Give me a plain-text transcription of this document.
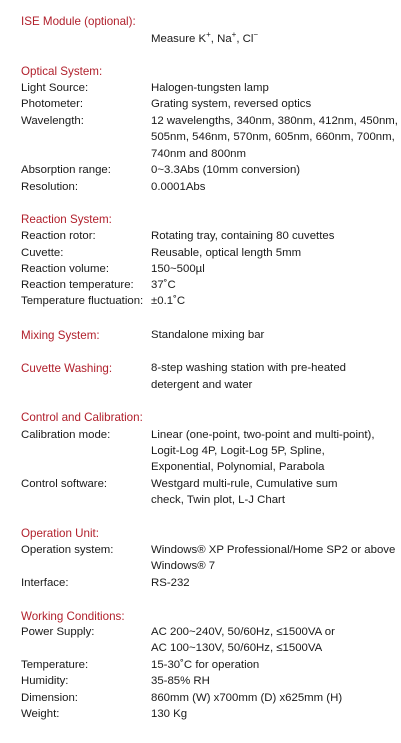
ISE Module (optional):
Measure K+, Na+, Cl−
Optical System:
Light Source:	Halogen-tungsten lamp
Photometer:	Grating system, reversed optics
Wavelength:	12 wavelengths, 340nm, 380nm, 412nm, 450nm,
505nm, 546nm, 570nm, 605nm, 660nm, 700nm,
740nm and 800nm
Absorption range:	0~3.3Abs (10mm conversion)
Resolution:	0.0001Abs
Reaction System:
Reaction rotor:	Rotating tray, containing 80 cuvettes
Cuvette:	Reusable, optical length 5mm
Reaction volume:	150~500µl
Reaction temperature: 37˚C
Temperature fluctuation: ±0.1˚C
Mixing System:	Standalone mixing bar
Cuvette Washing:	8-step washing station with pre-heated
detergent and water
Control and Calibration:
Calibration mode:	Linear (one-point, two-point and multi-point),
Logit-Log 4P, Logit-Log 5P, Spline,
Exponential, Polynomial, Parabola
Control software:	Westgard multi-rule, Cumulative sum
check, Twin plot, L-J Chart
Operation Unit:
Operation system:	Windows® XP Professional/Home SP2 or above
Windows® 7
Interface:	RS-232
Working Conditions:
Power Supply:	AC 200~240V, 50/60Hz, ≤1500VA or
AC 100~130V, 50/60Hz, ≤1500VA
Temperature:	15-30˚C for operation
Humidity:	35-85% RH
Dimension:	860mm (W) x700mm (D) x625mm (H)
Weight:	130 Kg
